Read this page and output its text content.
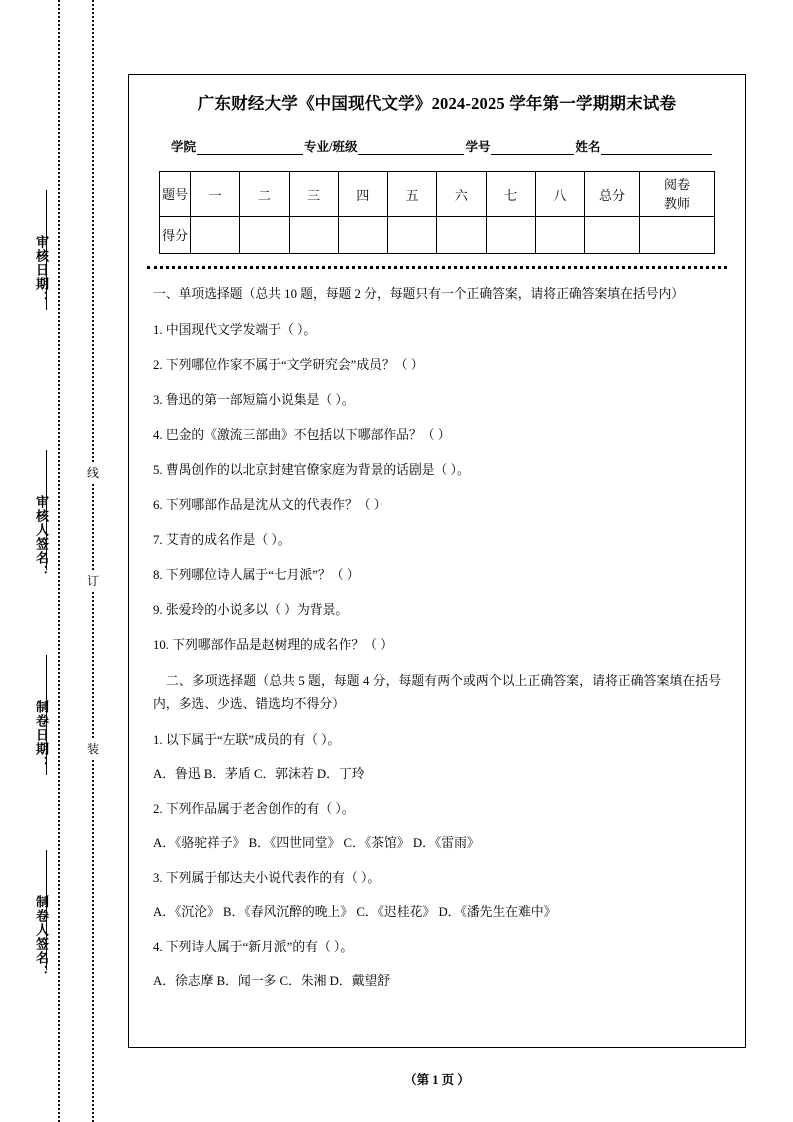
审核日期：
审核人签名：
制卷日期：
制卷人签名：
线
订
装
广东财经大学《中国现代文学》2024‑2025 学年第一学期期末试卷
学院	专业/班级	学号	姓名
题号	一	二	三	四	五	六	七	八	总分	阅卷
教师

得分										

一、单项选择题（总共 10 题，每题 2 分，每题只有一个正确答案，请将正确答案填在括号内）
1. 中国现代文学发端于（ ）。
2. 下列哪位作家不属于“文学研究会”成员？（ ）
3. 鲁迅的第一部短篇小说集是（ ）。
4. 巴金的《激流三部曲》不包括以下哪部作品？（ ）
5. 曹禺创作的以北京封建官僚家庭为背景的话剧是（ ）。
6. 下列哪部作品是沈从文的代表作？（ ）
7. 艾青的成名作是（ ）。
8. 下列哪位诗人属于“七月派”？（ ）
9. 张爱玲的小说多以（ ）为背景。
10. 下列哪部作品是赵树理的成名作？（ ）
二、多项选择题（总共 5 题，每题 4 分，每题有两个或两个以上正确答案，请将正确答案填在括号内，多选、少选、错选均不得分）
1. 以下属于“左联”成员的有（ ）。
A．鲁迅 B．茅盾 C．郭沫若 D．丁玲
2. 下列作品属于老舍创作的有（ ）。
A．《骆驼祥子》 B．《四世同堂》 C．《茶馆》 D．《雷雨》
3. 下列属于郁达夫小说代表作的有（ ）。
A．《沉沦》 B．《春风沉醉的晚上》 C．《迟桂花》 D．《潘先生在难中》
4. 下列诗人属于“新月派”的有（ ）。
A．徐志摩 B．闻一多 C．朱湘 D．戴望舒
（第 1 页 ）
